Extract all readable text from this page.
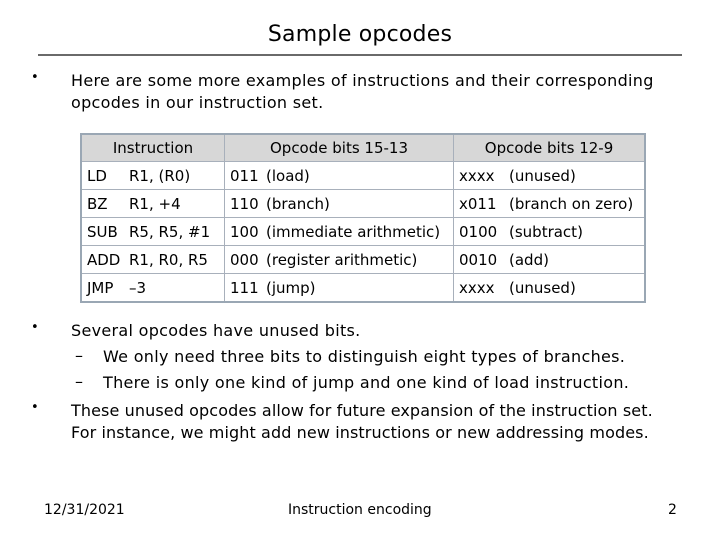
Sample opcodes
• Here are some more examples of instructions and their corresponding
opcodes in our instruction set.
Instruction	Opcode bits 15-13	Opcode bits 12-9
LD R1, (R0)	011 (load)	xxxx (unused)
BZ R1, +4	110 (branch)	x011 (branch on zero)
SUB R5, R5, #1	100 (immediate arithmetic)	0100 (subtract)
ADD R1, R0, R5	000 (register arithmetic)	0010 (add)
JMP –3	111 (jump)	xxxx (unused)
• Several opcodes have unused bits.
– We only need three bits to distinguish eight types of branches.
– There is only one kind of jump and one kind of load instruction.
• These unused opcodes allow for future expansion of the instruction set.
For instance, we might add new instructions or new addressing modes.
12/31/2021	Instruction encoding	2
